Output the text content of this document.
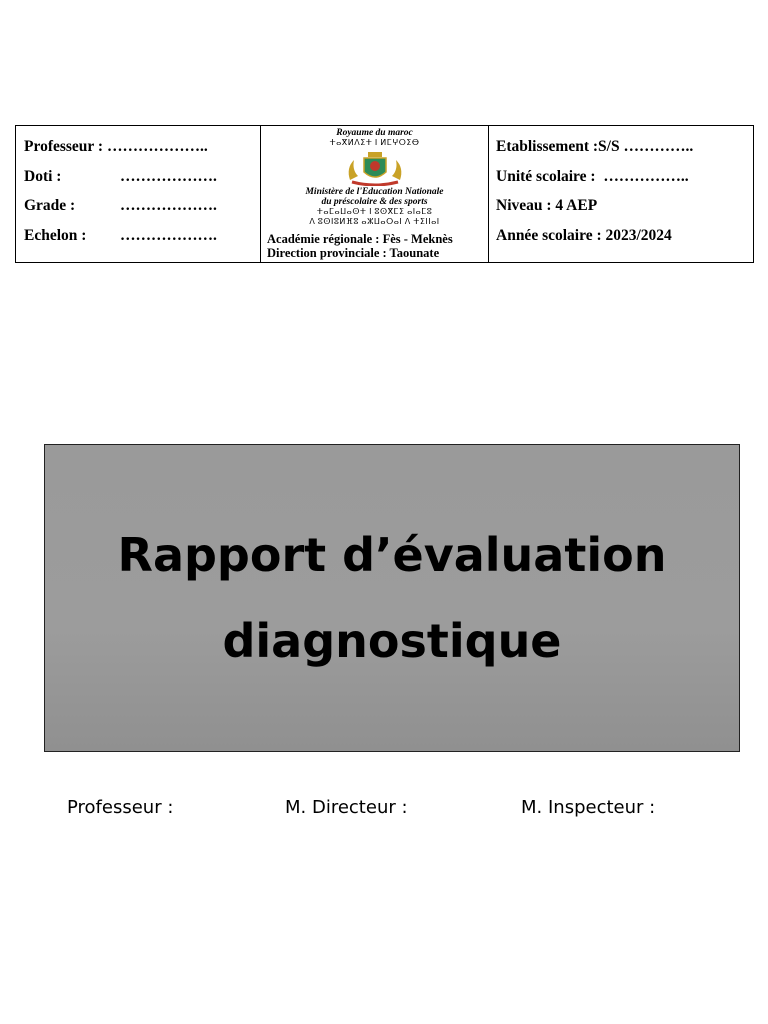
Professeur : ………………..
Doti :	……………….
Grade :	……………….
Echelon : ……………….
Royaume du maroc
ⵜⴰⴳⵍⴷⵉⵜ ⵏ ⵍⵎⵖⵔⵉⴱ
Ministère de l'Education Nationale
du préscolaire & des sports
ⵜⴰⵎⴰⵡⴰⵙⵜ ⵏ ⵓⵙⴳⵎⵉ ⴰⵏⴰⵎⵓ
ⴷ ⵓⵙⵏⵓⵍⴼⵓ ⴰⵣⵡⴰⵔⴰⵏ ⴷ ⵜⵉⵏⵏⴰⵏ
Académie régionale : Fès - Meknès
Direction provinciale : Taounate
Etablissement :S/S …………..
Unité scolaire : ……………..
Niveau : 4 AEP
Année scolaire : 2023/2024
Rapport d’évaluation
diagnostique
Professeur :	M. Directeur :	M. Inspecteur :
